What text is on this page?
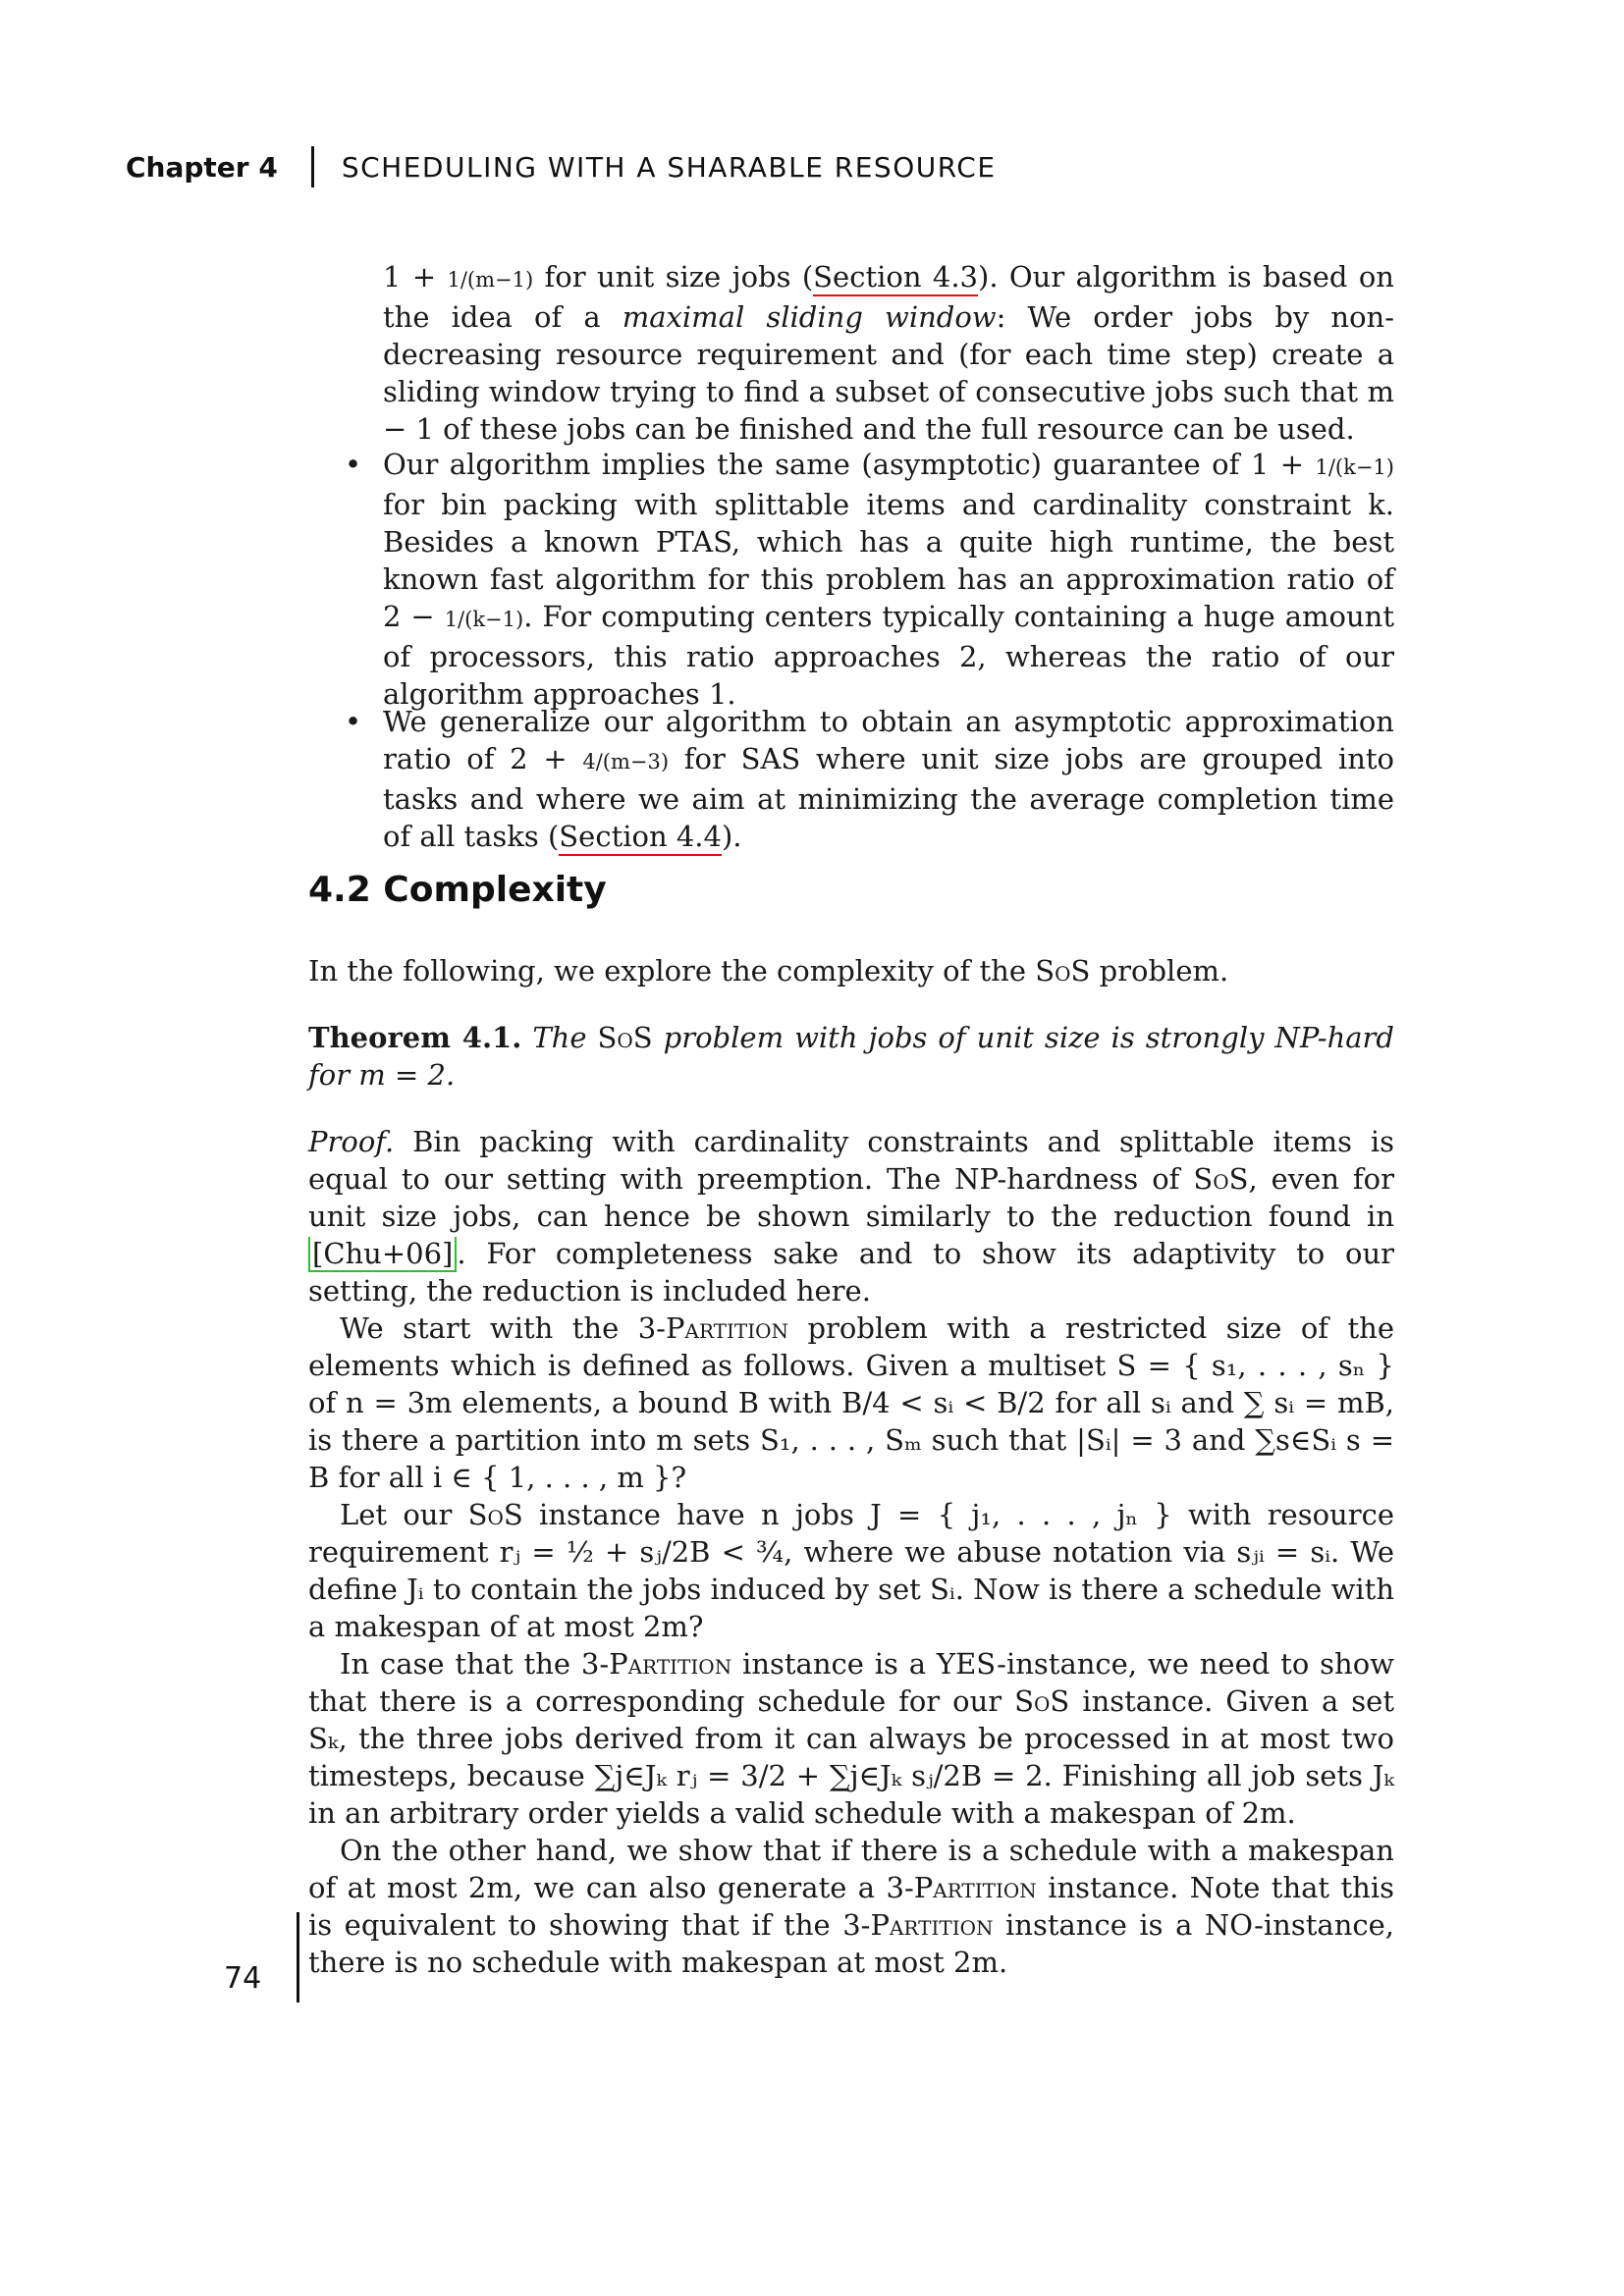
Chapter 4 SCHEDULING WITH A SHARABLE RESOURCE

1 + 1/(m−1) for unit size jobs (Section 4.3). Our algorithm is based on the idea of a maximal sliding window: We order jobs by non-decreasing resource requirement and (for each time step) create a sliding window trying to find a subset of consecutive jobs such that m − 1 of these jobs can be finished and the full resource can be used.

• Our algorithm implies the same (asymptotic) guarantee of 1 + 1/(k−1) for bin packing with splittable items and cardinality constraint k. Besides a known PTAS, which has a quite high runtime, the best known fast algorithm for this problem has an approximation ratio of 2 − 1/(k−1). For computing centers typically containing a huge amount of processors, this ratio approaches 2, whereas the ratio of our algorithm approaches 1.
• We generalize our algorithm to obtain an asymptotic approximation ratio of 2 + 4/(m−3) for SAS where unit size jobs are grouped into tasks and where we aim at minimizing the average completion time of all tasks (Section 4.4).
4.2 Complexity

In the following, we explore the complexity of the SoS problem.

Theorem 4.1. The SoS problem with jobs of unit size is strongly NP-hard for m = 2.

Proof. Bin packing with cardinality constraints and splittable items is equal to our setting with preemption. The NP-hardness of SoS, even for unit size jobs, can hence be shown similarly to the reduction found in [Chu+06] . For completeness sake and to show its adaptivity to our setting, the reduction is included here.
We start with the 3-Partition problem with a restricted size of the elements which is defined as follows. Given a multiset S = { s₁, . . . , sₙ } of n = 3m elements, a bound B with B/4 < sᵢ < B/2 for all sᵢ and ∑ sᵢ = mB, is there a partition into m sets S₁, . . . , Sₘ such that |Sᵢ| = 3 and ∑s∈Sᵢ s = B for all i ∈ { 1, . . . , m }?
Let our SoS instance have n jobs J = { j₁, . . . , jₙ } with resource requirement rⱼ = ½ + sⱼ/2B < ¾, where we abuse notation via sⱼᵢ = sᵢ. We define Jᵢ to contain the jobs induced by set Sᵢ. Now is there a schedule with a makespan of at most 2m?
In case that the 3-Partition instance is a YES-instance, we need to show that there is a corresponding schedule for our SoS instance. Given a set Sₖ, the three jobs derived from it can always be processed in at most two timesteps, because ∑j∈Jₖ rⱼ = 3/2 + ∑j∈Jₖ sⱼ/2B = 2. Finishing all job sets Jₖ in an arbitrary order yields a valid schedule with a makespan of 2m.
On the other hand, we show that if there is a schedule with a makespan of at most 2m, we can also generate a 3-Partition instance. Note that this is equivalent to showing that if the 3-Partition instance is a NO-instance, there is no schedule with makespan at most 2m.
74
